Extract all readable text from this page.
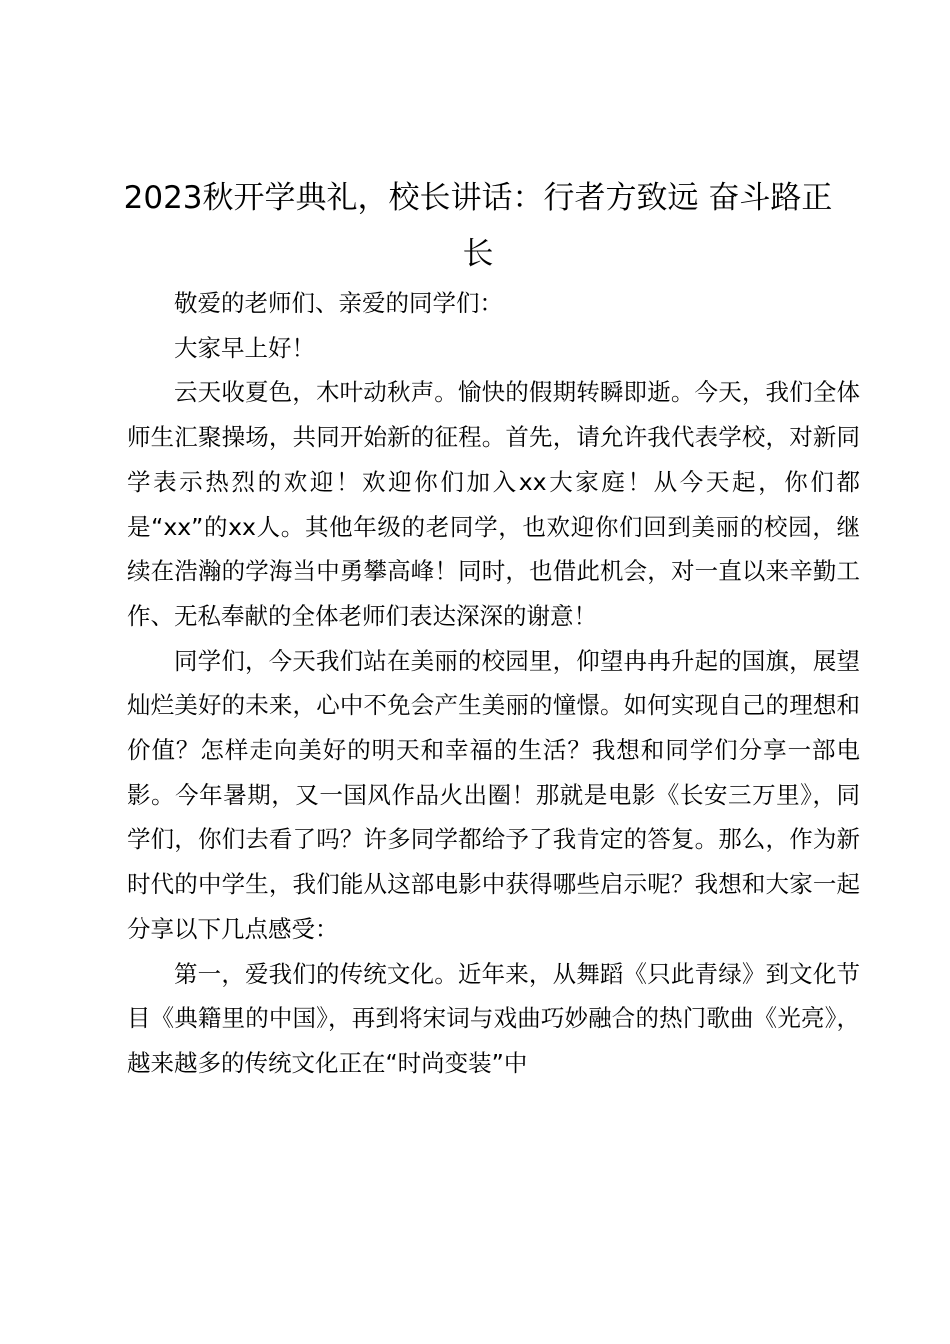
2023秋开学典礼，校长讲话：行者方致远 奋斗路正长

敬爱的老师们、亲爱的同学们：

大家早上好！

云天收夏色，木叶动秋声。愉快的假期转瞬即逝。今天，我们全体师生汇聚操场，共同开始新的征程。首先，请允许我代表学校，对新同学表示热烈的欢迎！欢迎你们加入xx大家庭！从今天起，你们都是“xx”的xx人。其他年级的老同学，也欢迎你们回到美丽的校园，继续在浩瀚的学海当中勇攀高峰！同时，也借此机会，对一直以来辛勤工作、无私奉献的全体老师们表达深深的谢意！

同学们，今天我们站在美丽的校园里，仰望冉冉升起的国旗，展望灿烂美好的未来，心中不免会产生美丽的憧憬。如何实现自己的理想和价值？怎样走向美好的明天和幸福的生活？我想和同学们分享一部电影。今年暑期，又一国风作品火出圈！那就是电影《长安三万里》，同学们，你们去看了吗？许多同学都给予了我肯定的答复。那么，作为新时代的中学生，我们能从这部电影中获得哪些启示呢？我想和大家一起分享以下几点感受：

第一，爱我们的传统文化。近年来，从舞蹈《只此青绿》到文化节目《典籍里的中国》，再到将宋词与戏曲巧妙融合的热门歌曲《光亮》，越来越多的传统文化正在“时尚变装”中
